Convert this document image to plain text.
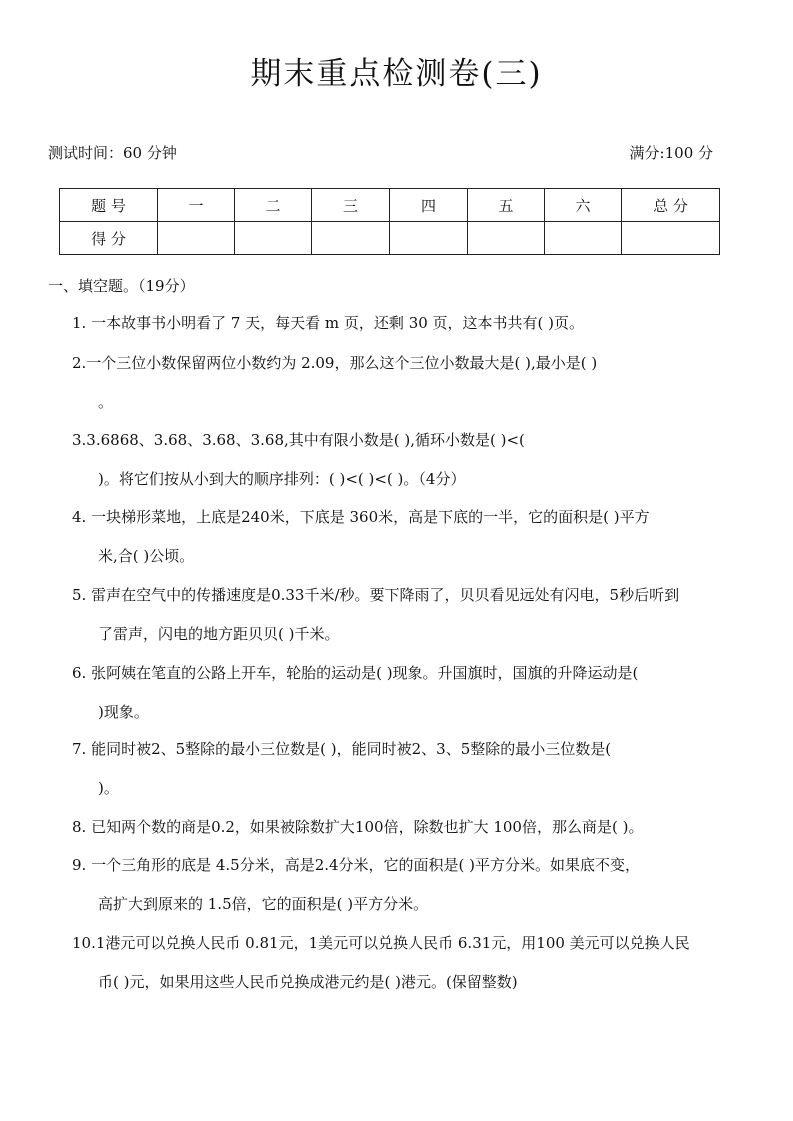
期末重点检测卷(三)
测试时间：60 分钟	满分:100 分
题 号	一	二	三	四	五	六	总 分
得 分							
一、填空题。（19分）
1. 一本故事书小明看了 7 天，每天看 m 页，还剩 30 页，这本书共有( )页。
2.一个三位小数保留两位小数约为 2.09，那么这个三位小数最大是( ),最小是( )
。
3.3.6868、3.68、3.68、3.68,其中有限小数是( ),循环小数是( )<(
)。将它们按从小到大的顺序排列：( )<( )<( )。（4分）
4. 一块梯形菜地，上底是240米，下底是 360米，高是下底的一半，它的面积是( )平方
米,合( )公顷。
5. 雷声在空气中的传播速度是0.33千米/秒。要下降雨了，贝贝看见远处有闪电，5秒后听到
了雷声，闪电的地方距贝贝( )千米。
6. 张阿姨在笔直的公路上开车，轮胎的运动是( )现象。升国旗时，国旗的升降运动是(
)现象。
7. 能同时被2、5整除的最小三位数是( )，能同时被2、3、5整除的最小三位数是(
)。
8. 已知两个数的商是0.2，如果被除数扩大100倍，除数也扩大 100倍，那么商是( )。
9. 一个三角形的底是 4.5分米，高是2.4分米，它的面积是( )平方分米。如果底不变，
高扩大到原来的 1.5倍，它的面积是( )平方分米。
10.1港元可以兑换人民币 0.81元，1美元可以兑换人民币 6.31元，用100 美元可以兑换人民
币( )元，如果用这些人民币兑换成港元约是( )港元。(保留整数)
